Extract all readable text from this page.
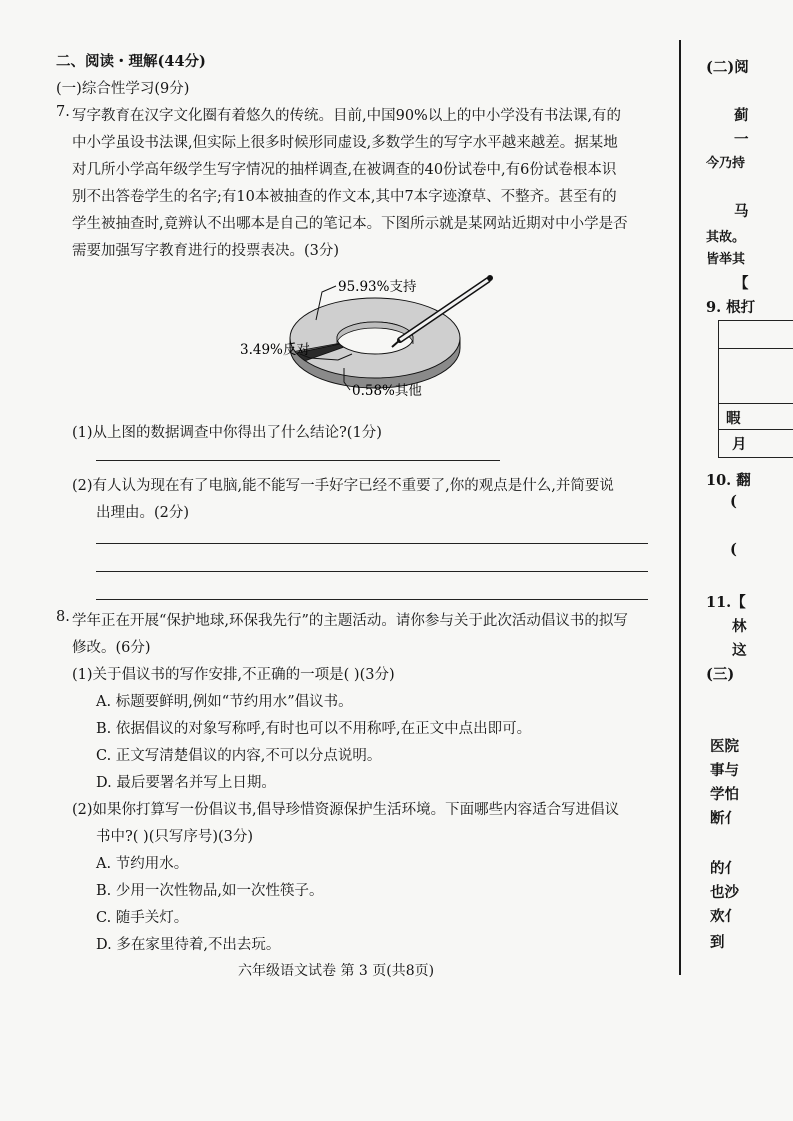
二、阅读・理解(44分)
(一)综合性学习(9分)
7. 写字教育在汉字文化圈有着悠久的传统。目前,中国90%以上的中小学没有书法课,有的
中小学虽设书法课,但实际上很多时候形同虚设,多数学生的写字水平越来越差。据某地
对几所小学高年级学生写字情况的抽样调查,在被调查的40份试卷中,有6份试卷根本识
别不出答卷学生的名字;有10本被抽查的作文本,其中7本字迹潦草、不整齐。甚至有的
学生被抽查时,竟辨认不出哪本是自己的笔记本。下图所示就是某网站近期对中小学是否
需要加强写字教育进行的投票表决。(3分)
95.93%支持
3.49%反对
0.58%其他
(1)从上图的数据调查中你得出了什么结论?(1分)
(2)有人认为现在有了电脑,能不能写一手好字已经不重要了,你的观点是什么,并简要说
出理由。(2分)
8. 学年正在开展“保护地球,环保我先行”的主题活动。请你参与关于此次活动倡议书的拟写
修改。(6分)
(1)关于倡议书的写作安排,不正确的一项是( )(3分)
A. 标题要鲜明,例如“节约用水”倡议书。
B. 依据倡议的对象写称呼,有时也可以不用称呼,在正文中点出即可。
C. 正文写清楚倡议的内容,不可以分点说明。
D. 最后要署名并写上日期。
(2)如果你打算写一份倡议书,倡导珍惜资源保护生活环境。下面哪些内容适合写进倡议
书中?( )(只写序号)(3分)
A. 节约用水。
B. 少用一次性物品,如一次性筷子。
C. 随手关灯。
D. 多在家里待着,不出去玩。
六年级语文试卷 第 3 页(共8页)
(二)阅
蓟
一
今乃持
马
其故。
皆举其
【
9. 根打
暇
月
10. 翻
(
(
11.【
林
这
(三)
医院
事与
学怕
断亻
的亻
也沙
欢亻
到
